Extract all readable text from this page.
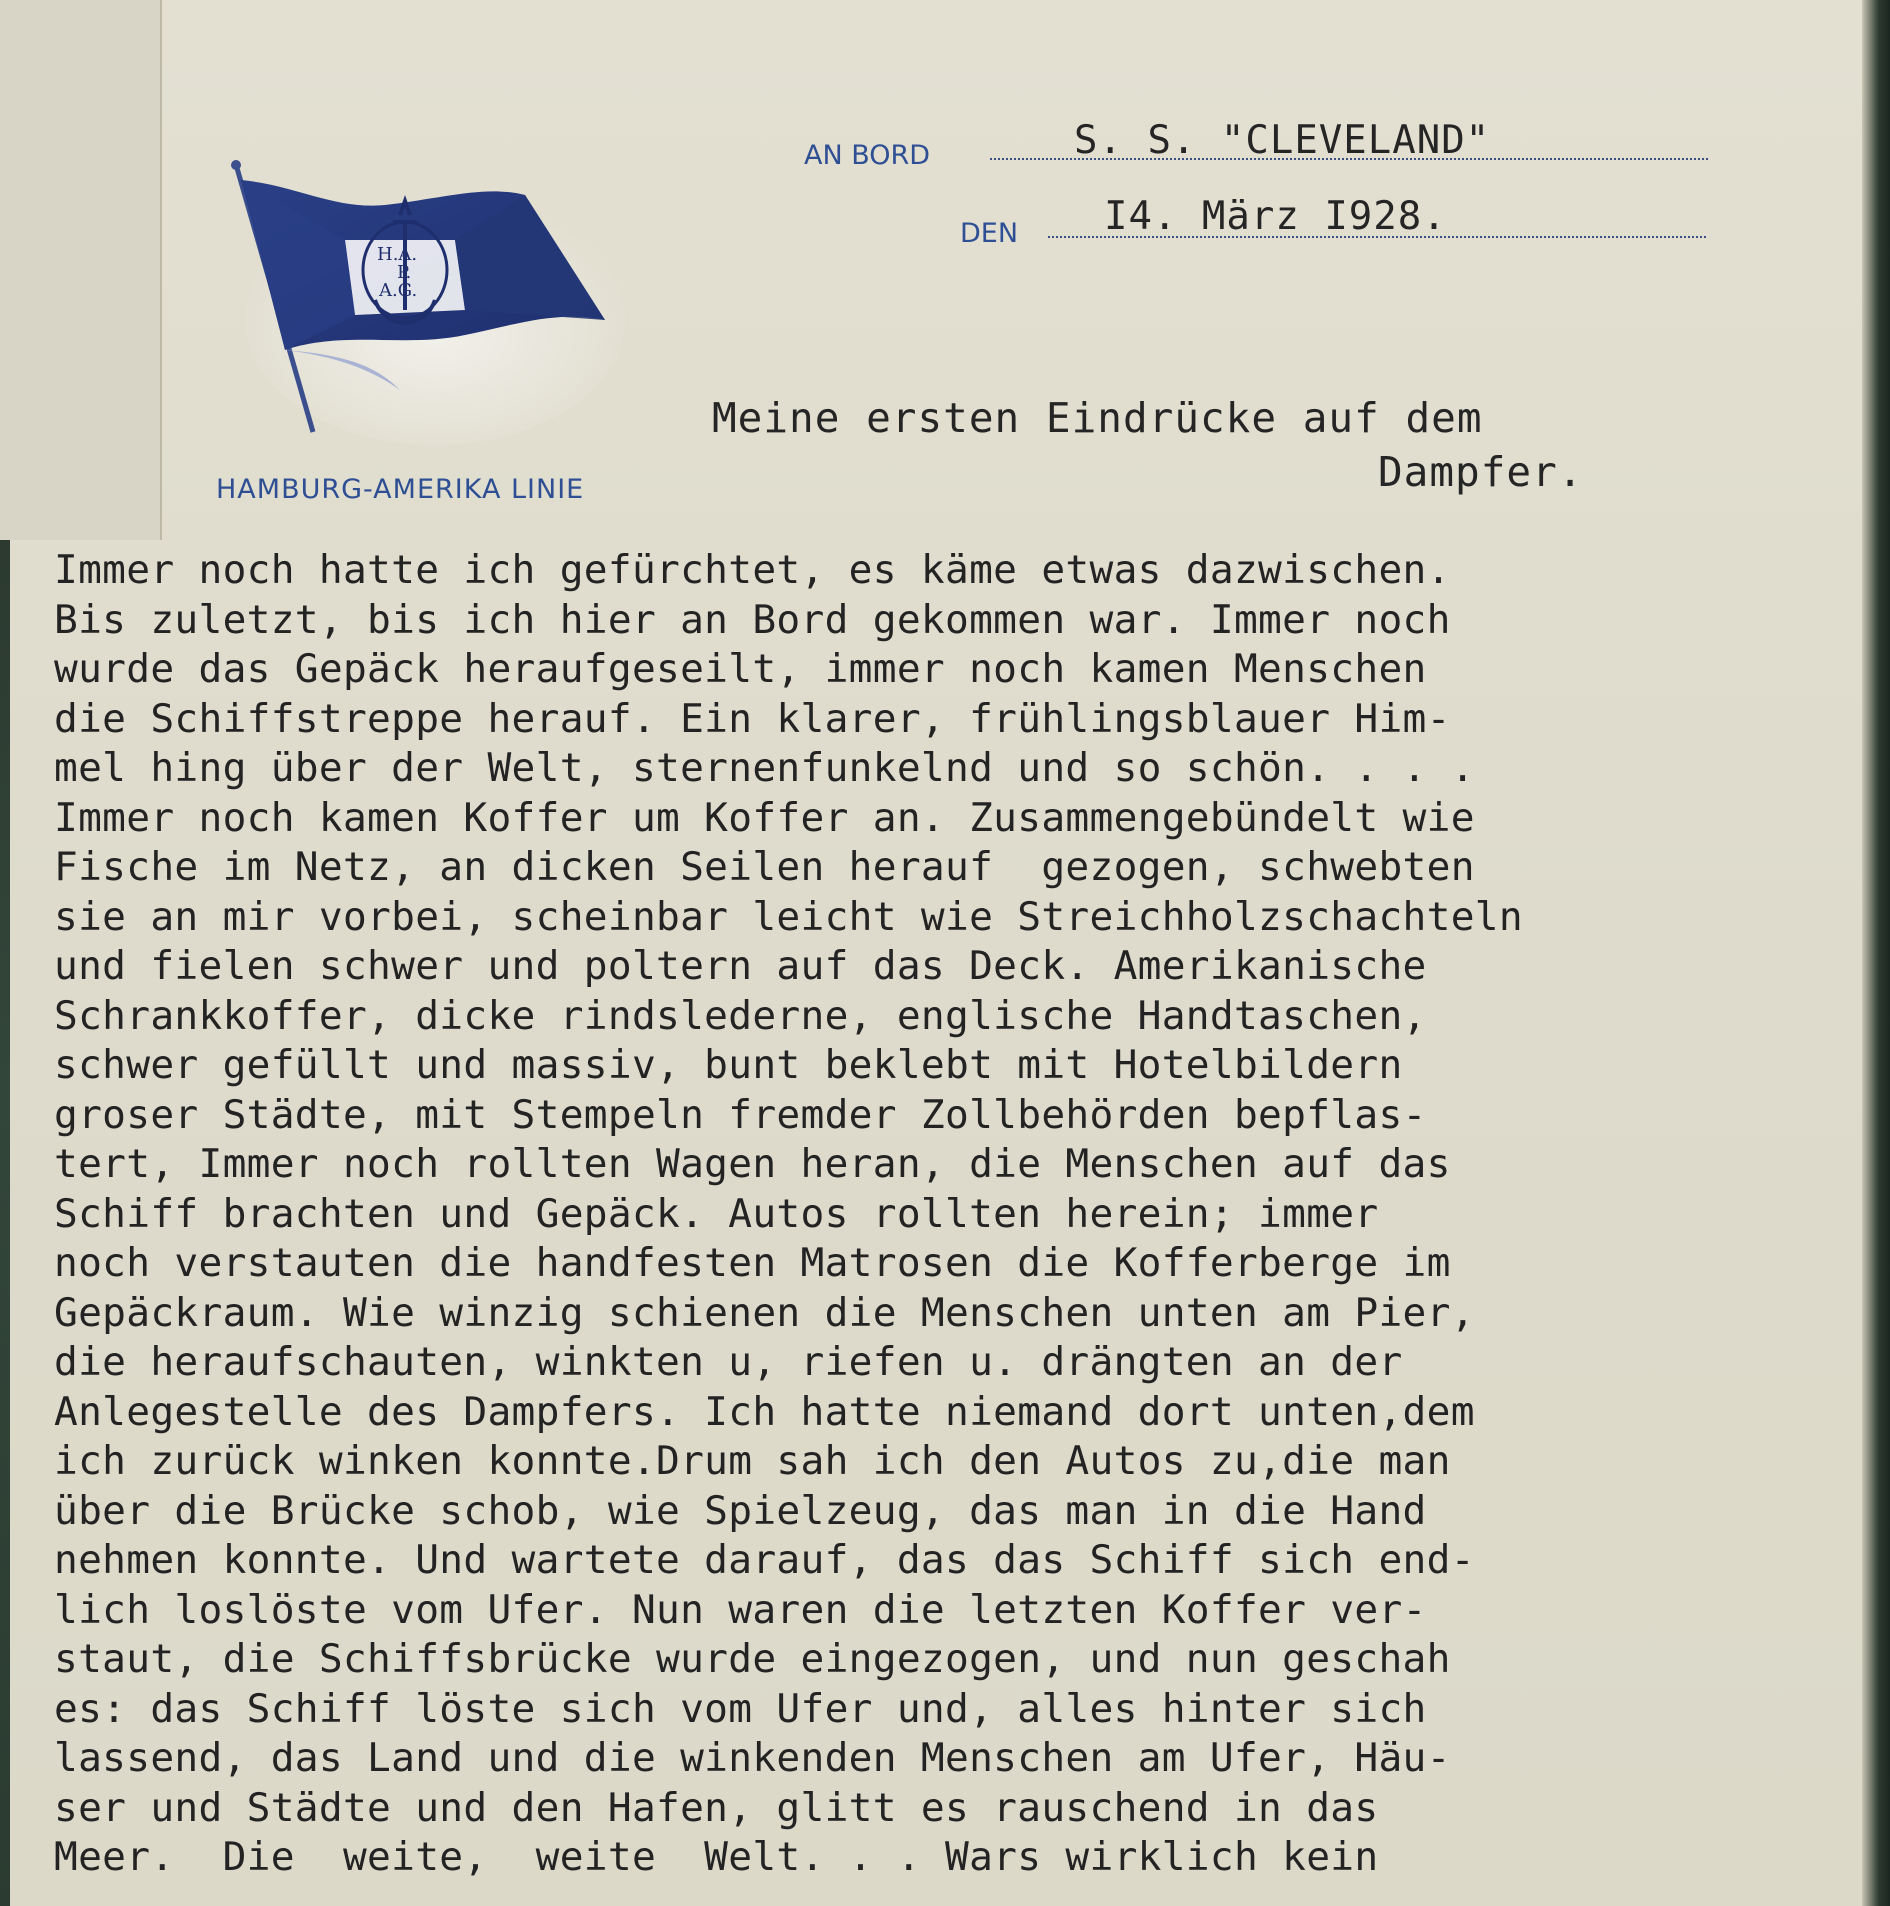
H.A.
P.
A.G.
HAMBURG-AMERIKA LINIE
AN BORD	S. S. "CLEVELAND"
DEN I4. März I928.
Meine ersten Eindrücke auf dem
Dampfer.
Immer noch hatte ich gefürchtet, es käme etwas dazwischen.
Bis zuletzt, bis ich hier an Bord gekommen war. Immer noch
wurde das Gepäck heraufgeseilt, immer noch kamen Menschen
die Schiffstreppe herauf. Ein klarer, frühlingsblauer Him-
mel hing über der Welt, sternenfunkelnd und so schön. . . .
Immer noch kamen Koffer um Koffer an. Zusammengebündelt wie
Fische im Netz, an dicken Seilen herauf  gezogen, schwebten
sie an mir vorbei, scheinbar leicht wie Streichholzschachteln
und fielen schwer und poltern auf das Deck. Amerikanische
Schrankkoffer, dicke rindslederne, englische Handtaschen,
schwer gefüllt und massiv, bunt beklebt mit Hotelbildern
groser Städte, mit Stempeln fremder Zollbehörden bepflas-
tert, Immer noch rollten Wagen heran, die Menschen auf das
Schiff brachten und Gepäck. Autos rollten herein; immer
noch verstauten die handfesten Matrosen die Kofferberge im
Gepäckraum. Wie winzig schienen die Menschen unten am Pier,
die heraufschauten, winkten u, riefen u. drängten an der
Anlegestelle des Dampfers. Ich hatte niemand dort unten,dem
ich zurück winken konnte.Drum sah ich den Autos zu,die man
über die Brücke schob, wie Spielzeug, das man in die Hand
nehmen konnte. Und wartete darauf, das das Schiff sich end-
lich loslöste vom Ufer. Nun waren die letzten Koffer ver-
staut, die Schiffsbrücke wurde eingezogen, und nun geschah
es: das Schiff löste sich vom Ufer und, alles hinter sich
lassend, das Land und die winkenden Menschen am Ufer, Häu-
ser und Städte und den Hafen, glitt es rauschend in das
Meer.  Die  weite,  weite  Welt. . . Wars wirklich kein
